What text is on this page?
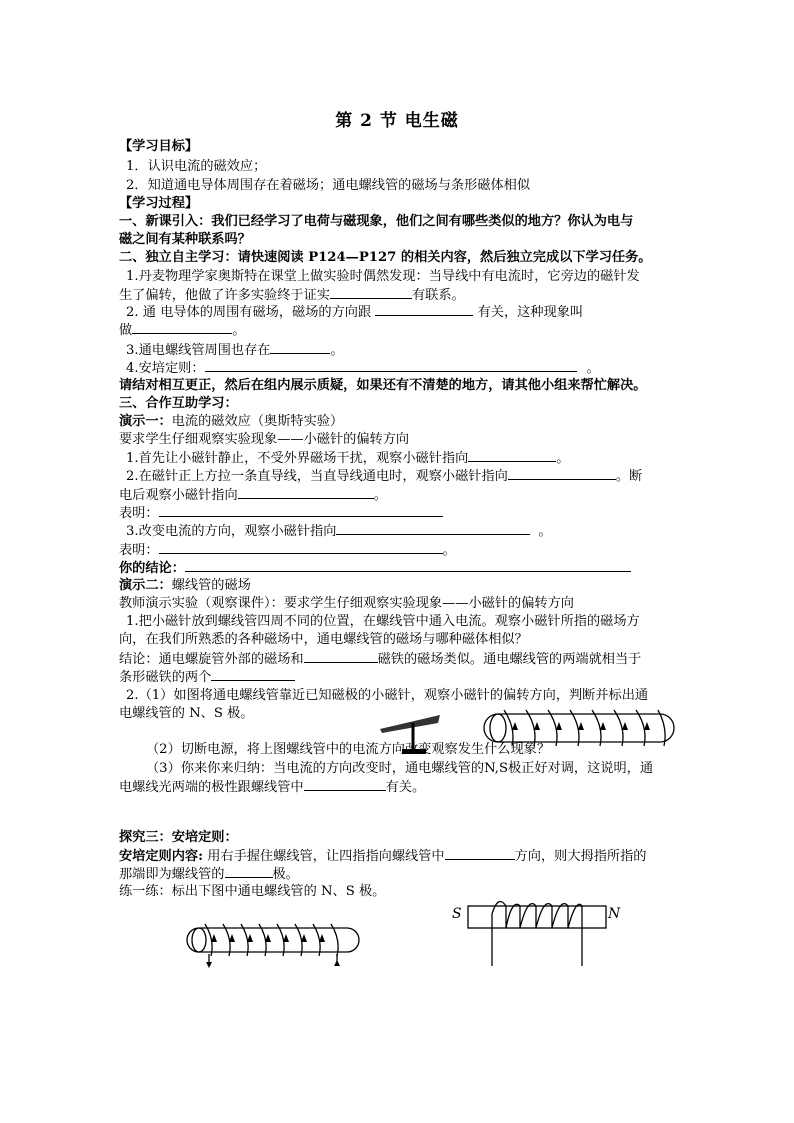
第 2 节 电生磁
【学习目标】
1．认识电流的磁效应；
2．知道通电导体周围存在着磁场；通电螺线管的磁场与条形磁体相似
【学习过程】
一、新课引入：我们已经学习了电荷与磁现象，他们之间有哪些类似的地方？你认为电与
磁之间有某种联系吗？
二、独立自主学习：请快速阅读 P124—P127 的相关内容，然后独立完成以下学习任务。
1.丹麦物理学家奥斯特在课堂上做实验时偶然发现：当导线中有电流时，它旁边的磁针发
生了偏转，他做了许多实验终于证实	有联系。
2. 通 电导体的周围有磁场，磁场的方向跟	有关，这种现象叫
做	。
3.通电螺线管周围也存在	。
4.安培定则：	。
请结对相互更正，然后在组内展示质疑，如果还有不清楚的地方，请其他小组来帮忙解决。
三、合作互助学习：
演示一：电流的磁效应（奥斯特实验）
要求学生仔细观察实验现象——小磁针的偏转方向
1.首先让小磁针静止，不受外界磁场干扰，观察小磁针指向	。
2.在磁针正上方拉一条直导线，当直导线通电时，观察小磁针指向	。断
电后观察小磁针指向	。
表明：
3.改变电流的方向，观察小磁针指向	。
表明：	。
你的结论：
演示二：螺线管的磁场
教师演示实验（观察课件）：要求学生仔细观察实验现象——小磁针的偏转方向
1.把小磁针放到螺线管四周不同的位置，在螺线管中通入电流。观察小磁针所指的磁场方
向，在我们所熟悉的各种磁场中，通电螺线管的磁场与哪种磁体相似？
结论：通电螺旋管外部的磁场和	磁铁的磁场类似。通电螺线管的两端就相当于
条形磁铁的两个
2.（1）如图将通电螺线管靠近已知磁极的小磁针，观察小磁针的偏转方向，判断并标出通
电螺线管的 N、S 极。
（2）切断电源，将上图螺线管中的电流方向改变观察发生什么现象？
（3）你来你来归纳：当电流的方向改变时，通电螺线管的N,S极正好对调，这说明，通
电螺线光两端的极性跟螺线管中	有关。
探究三：安培定则：
安培定则内容: 用右手握住螺线管，让四指指向螺线管中	方向，则大拇指所指的
那端即为螺线管的	极。
练一练：标出下图中通电螺线管的 N、S 极。
S	N
